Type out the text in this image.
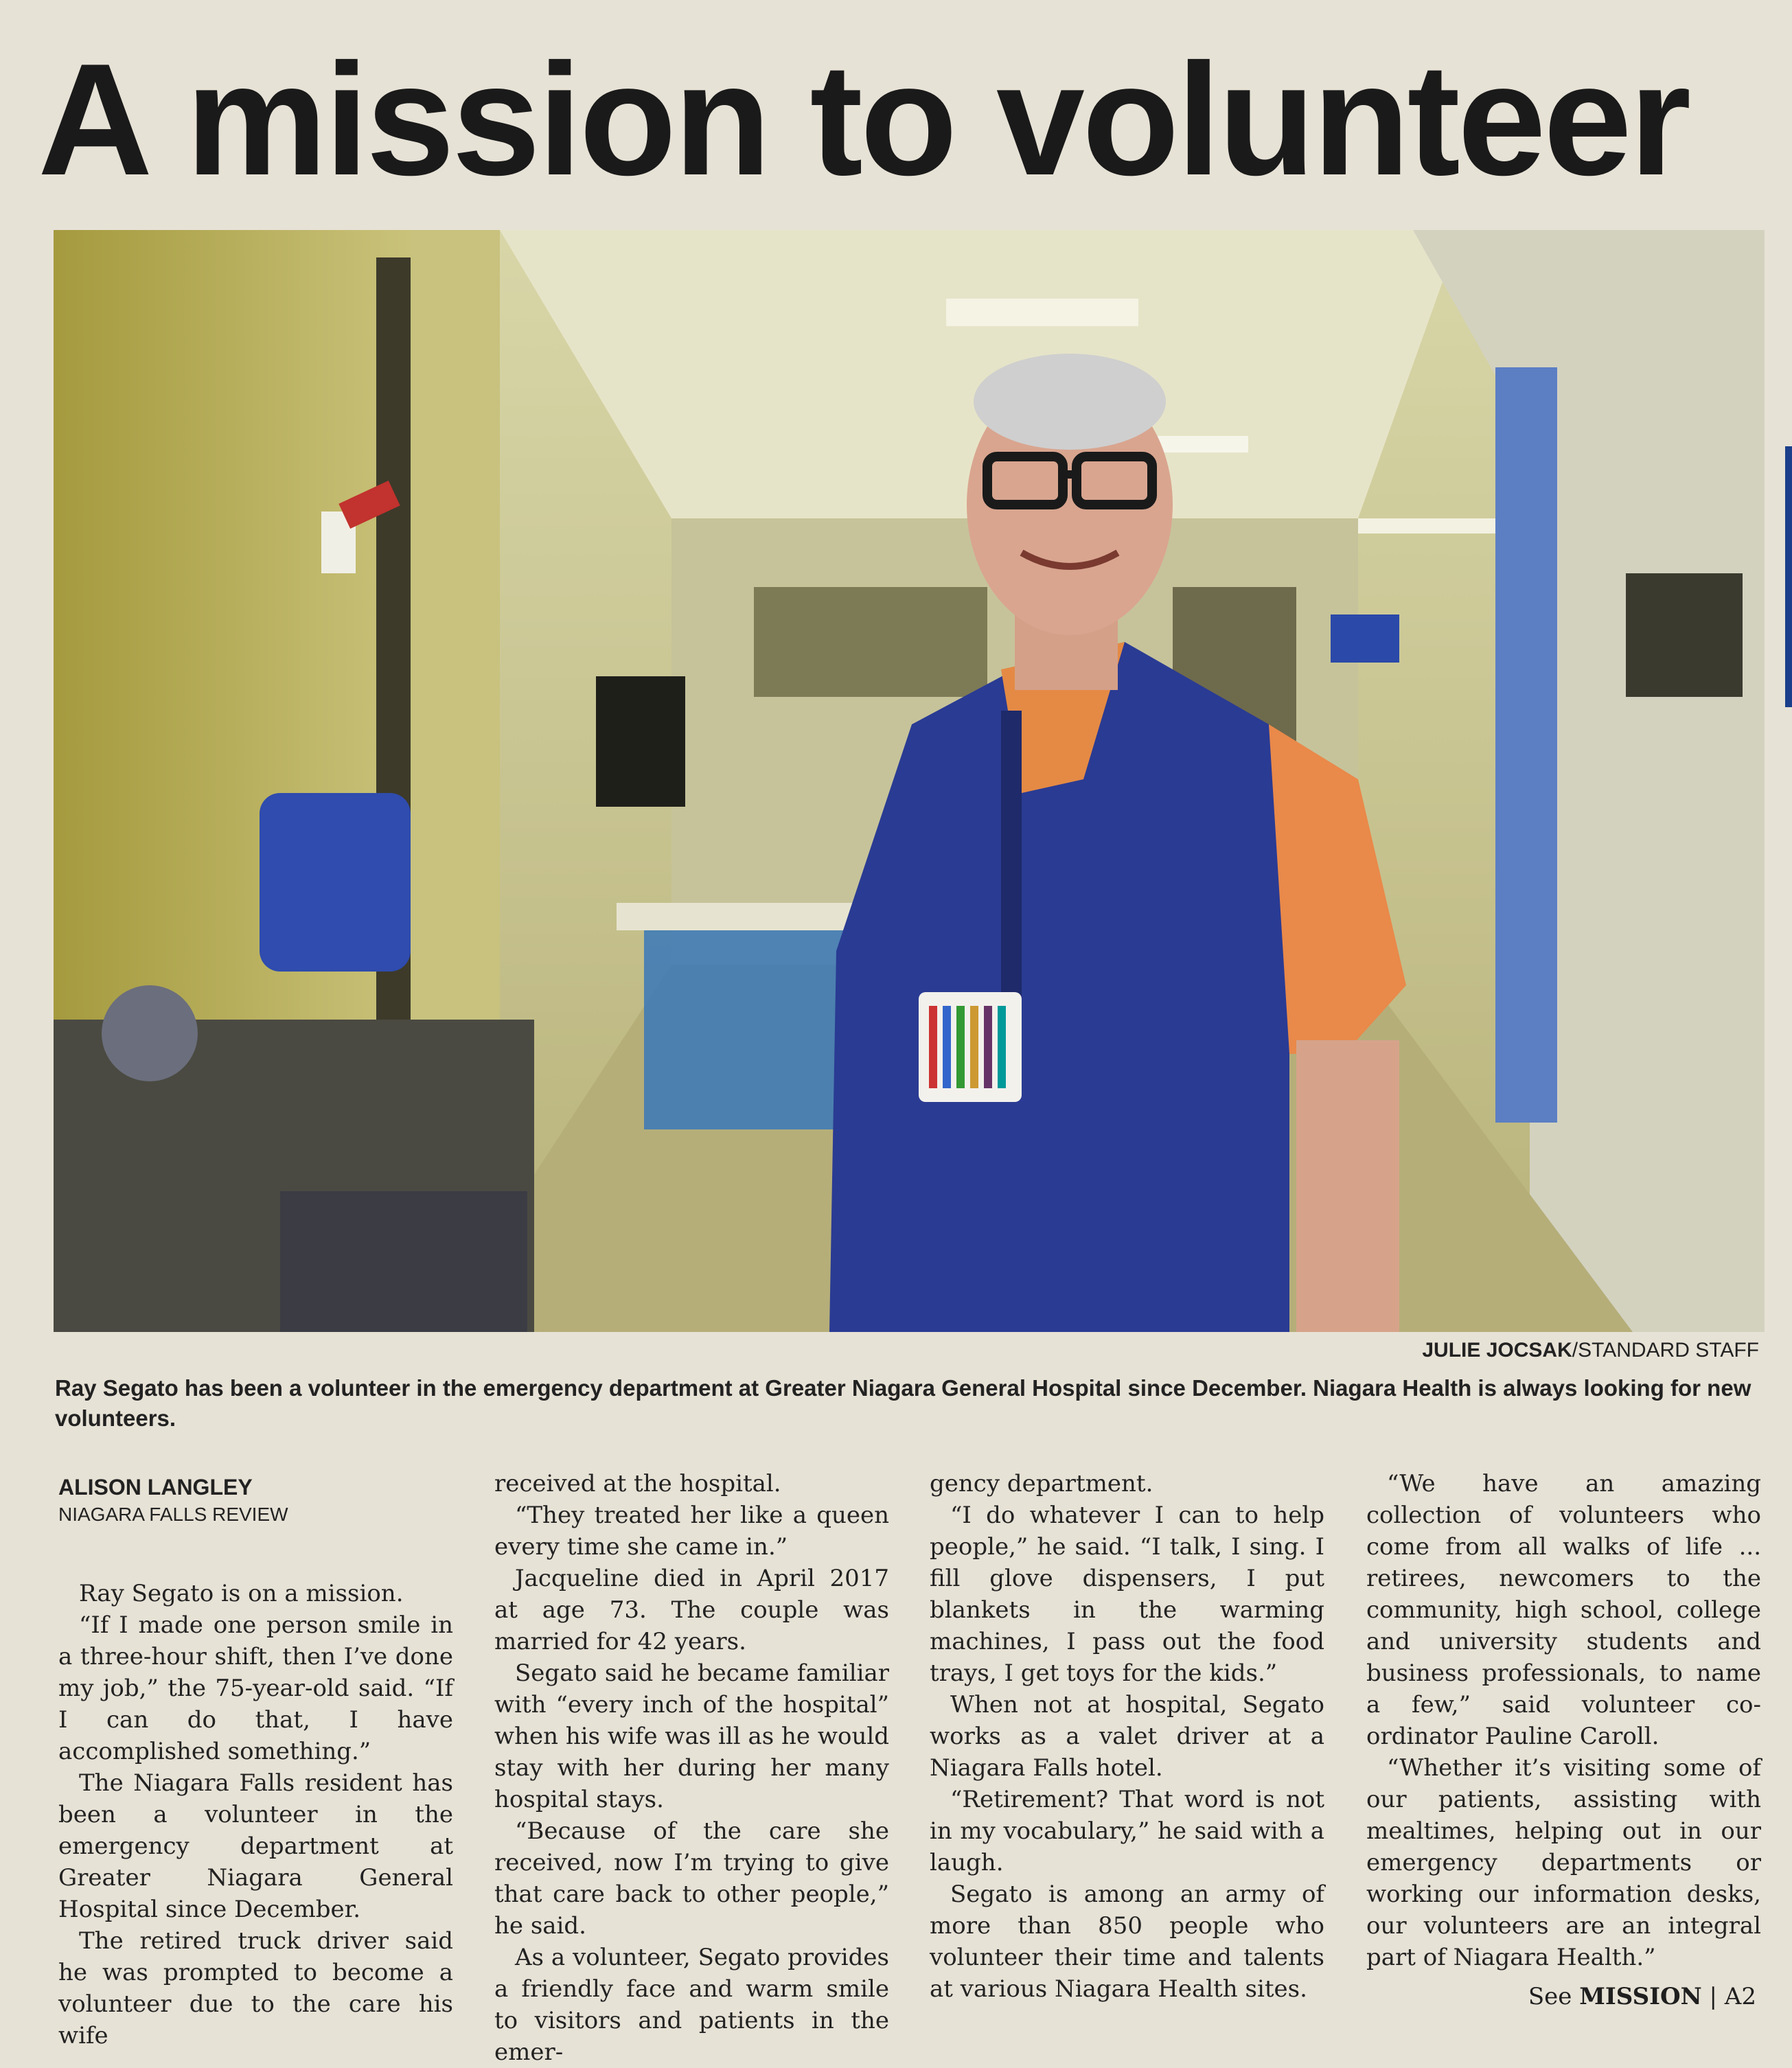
A mission to volunteer
JULIE JOCSAK/STANDARD STAFF

Ray Segato has been a volunteer in the emergency department at Greater Niagara General Hospital since December. Niagara Health is always looking for new volunteers.

ALISON LANGLEY
NIAGARA FALLS REVIEW

Ray Segato is on a mission.

“If I made one person smile in a three-hour shift, then I’ve done my job,” the 75-year-old said. “If I can do that, I have accomplished something.”

The Niagara Falls resident has been a volunteer in the emergency department at Greater Niagara General Hospital since December.

The retired truck driver said he was prompted to become a volunteer due to the care his wife

received at the hospital.

“They treated her like a queen every time she came in.”

Jacqueline died in April 2017 at age 73. The couple was married for 42 years.

Segato said he became familiar with “every inch of the hospital” when his wife was ill as he would stay with her during her many hospital stays.

“Because of the care she received, now I’m trying to give that care back to other people,” he said.

As a volunteer, Segato provides a friendly face and warm smile to visitors and patients in the emer-

gency department.

“I do whatever I can to help people,” he said. “I talk, I sing. I fill glove dispensers, I put blankets in the warming machines, I pass out the food trays, I get toys for the kids.”

When not at hospital, Segato works as a valet driver at a Niagara Falls hotel.

“Retirement? That word is not in my vocabulary,” he said with a laugh.

Segato is among an army of more than 850 people who volunteer their time and talents at various Niagara Health sites.

“We have an amazing collection of volunteers who come from all walks of life ... retirees, newcomers to the community, high school, college and university students and business professionals, to name a few,” said volunteer co-ordinator Pauline Caroll.

“Whether it’s visiting some of our patients, assisting with mealtimes, helping out in our emergency departments or working our information desks, our volunteers are an integral part of Niagara Health.”

See MISSION | A2
